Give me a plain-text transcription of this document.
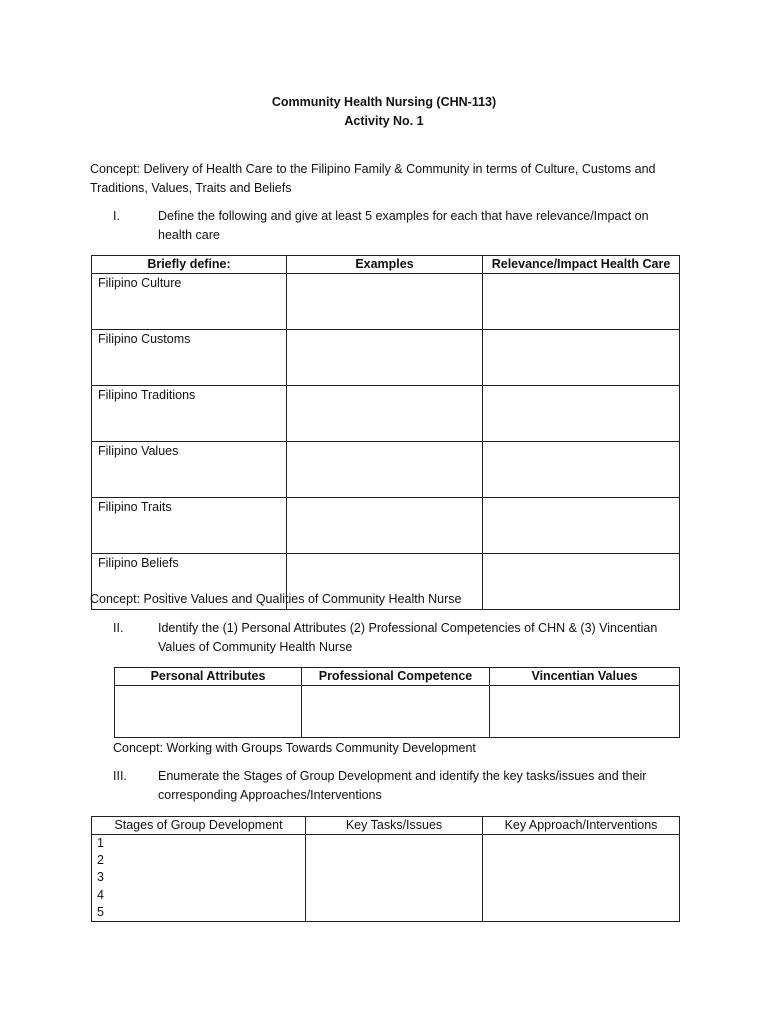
Community Health Nursing (CHN-113)
Activity No. 1
Concept: Delivery of Health Care to the Filipino Family & Community in terms of Culture, Customs and Traditions, Values, Traits and Beliefs
I.	Define the following and give at least 5 examples for each that have relevance/Impact on health care
Briefly define:	Examples	Relevance/Impact Health Care
Filipino Culture		
Filipino Customs		
Filipino Traditions		
Filipino Values		
Filipino Traits		
Filipino Beliefs		
Concept: Positive Values and Qualities of Community Health Nurse
II.	Identify the (1) Personal Attributes (2) Professional Competencies of CHN & (3) Vincentian Values of Community Health Nurse
Personal Attributes	Professional Competence	Vincentian Values

Concept: Working with Groups Towards Community Development
III. Enumerate the Stages of Group Development and identify the key tasks/issues and their corresponding Approaches/Interventions
Stages of Group Development	Key Tasks/Issues	Key Approach/Interventions

1
2
3
4
5		
